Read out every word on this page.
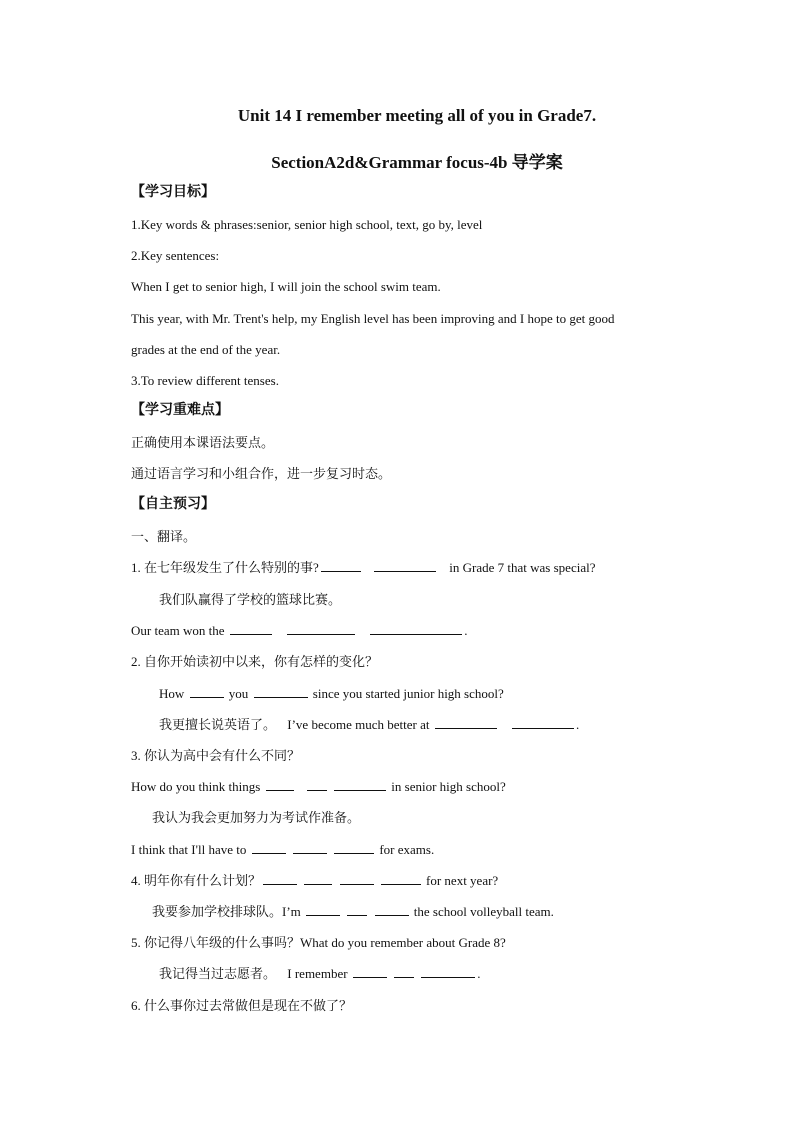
Unit 14 I remember meeting all of you in Grade7.
SectionA2d&Grammar focus-4b 导学案
【学习目标】
1.Key words & phrases:senior, senior high school, text, go by, level
2.Key sentences:
When I get to senior high, I will join the school swim team.
This year, with Mr. Trent's help, my English level has been improving and I hope to get good
grades at the end of the year.
3.To review different tenses.
【学习重难点】
正确使用本课语法要点。
通过语言学习和小组合作，进一步复习时态。
【自主预习】
一、翻译。
1. 在七年级发生了什么特别的事?	in Grade 7 that was special?
我们队赢得了学校的篮球比赛。
Our team won the	.
2. 自你开始读初中以来，你有怎样的变化？
How	you	since you started junior high school?
我更擅长说英语了。 I’ve become much better at	.
3. 你认为高中会有什么不同？
How do you think things	in senior high school?
我认为我会更加努力为考试作准备。
I think that I'll have to	for exams.
4. 明年你有什么计划？	for next year?
我要参加学校排球队。I’m	the school volleyball team.
5. 你记得八年级的什么事吗？What do you remember about Grade 8?
我记得当过志愿者。 I remember	.
6. 什么事你过去常做但是现在不做了？
